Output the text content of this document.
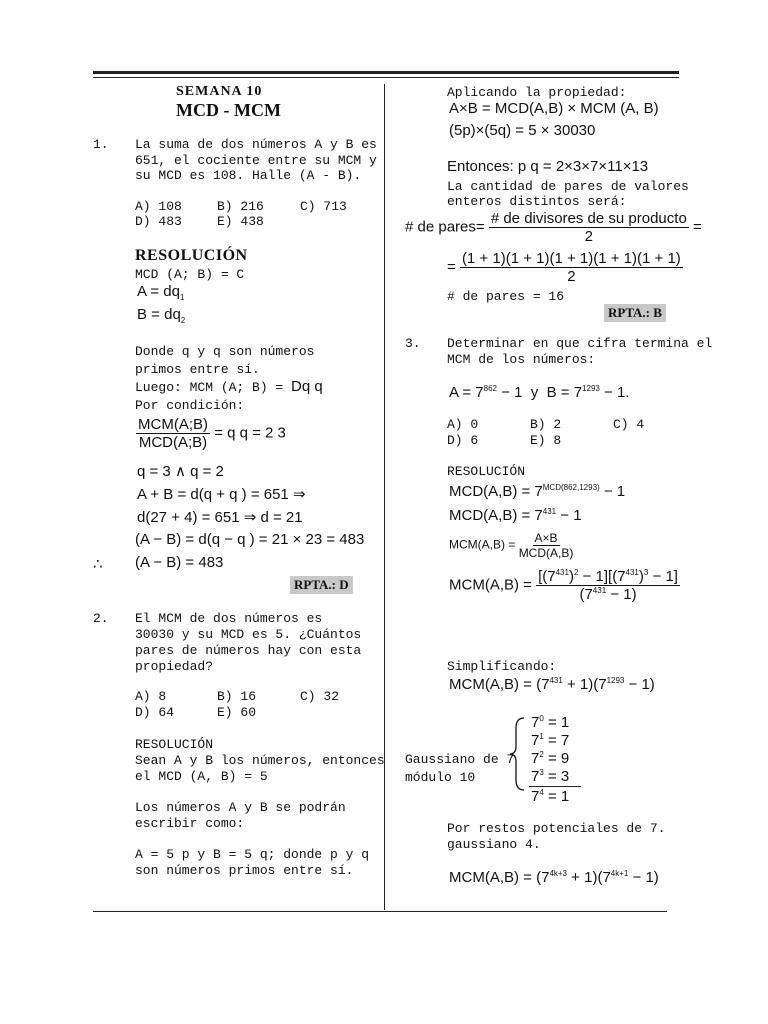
SEMANA 10
MCD - MCM
1. La suma de dos números A y B es
651, el cociente entre su MCM y
su MCD es 108. Halle (A - B).
A) 108	B) 216	C) 713
D) 483	E) 438
RESOLUCIÓN
MCD (A; B) = C
$A = dq_1$
$B = dq_2$
Donde q y q son números
primos entre sí.
Luego: MCM (A; B) = Dq q
Por condición:
$\frac{\text{MCM(A;B)}}{\text{MCD(A;B)}} = q$ q = 2 3
q = 3 ∧ q = 2
A + B = d(q + q ) = 651 ⇒
d(27 + 4) = 651 ⇒ d = 21
(A − B) = d(q − q ) = 21 × 23 = 483
∴ (A − B) = 483
RPTA.: D
2. El MCM de dos números es
30030 y su MCD es 5. ¿Cuántos
pares de números hay con esta
propiedad?
A) 8	B) 16	C) 32
D) 64	E) 60
RESOLUCIÓN
Sean A y B los números, entonces
el MCD (A, B) = 5
Los números A y B se podrán
escribir como:
A = 5 p y B = 5 q; donde p y q
son números primos entre sí.
Aplicando la propiedad:
A×B = MCD(A,B) × MCM (A, B)
(5p)×(5q) = 5 × 30030
Entonces: p q = 2×3×7×11×13
La cantidad de pares de valores
enteros distintos será:
# de pares= $\frac{\text{\# de divisores de su producto}}{2}$ =
= $\frac{(1 + 1)(1 + 1)(1 + 1)(1 + 1)(1 + 1)}{2}$
# de pares = 16
RPTA.: B
3. Determinar en que cifra termina el
MCM de los números:
$A = 7^{862} - 1$  y  $B = 7^{1293} - 1$.
A) 0	B) 2	C) 4
D) 6	E) 8
RESOLUCIÓN
$MCD(A,B) = 7^{MCD(862,1293)} - 1$
$MCD(A,B) = 7^{431} - 1$
$MCM(A,B) = \frac{A\times B}{\text{MCD(A,B)}}$
$MCM(A,B) = \frac{[(7^{431})^2 - 1][(7^{431})^3 - 1]}{(7^{431} - 1)}$
Simplificando:
$MCM(A,B) = (7^{431} + 1)(7^{1293} - 1)$
Gaussiano de 7
módulo 10
$7^0 = 1$
$7^1 = 7$
$7^2 = 9$
$7^3 = 3$
$7^4 = 1$
Por restos potenciales de 7.
gaussiano 4.
$MCM(A,B) = (7^{4k+3} + 1)(7^{4k+1} - 1)$
